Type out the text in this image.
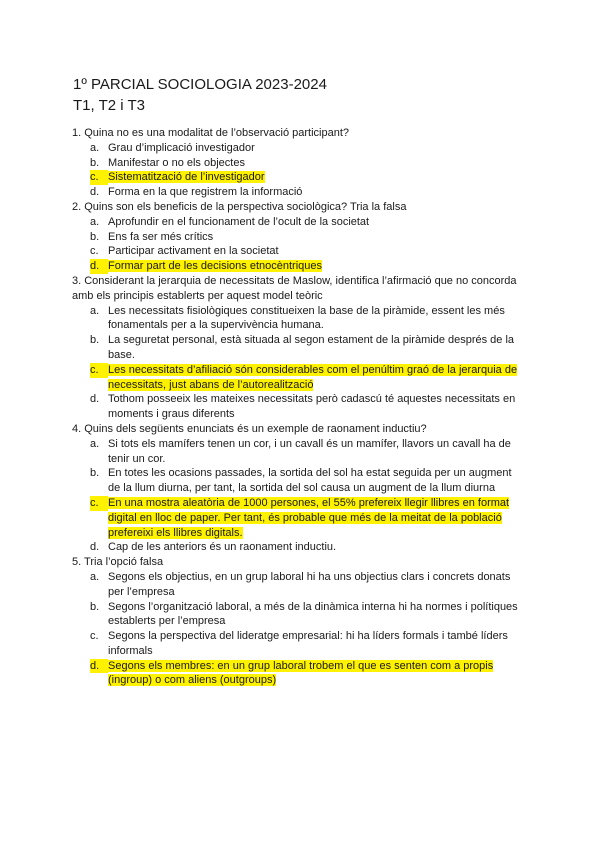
1º PARCIAL SOCIOLOGIA 2023-2024
T1, T2 i T3
1. Quina no es una modalitat de l’observació participant?
a. Grau d’implicació investigador
b. Manifestar o no els objectes
c. Sistematització de l’investigador
d. Forma en la que registrem la informació
2. Quins son els beneficis de la perspectiva sociològica? Tria la falsa
a. Aprofundir en el funcionament de l’ocult de la societat
b. Ens fa ser més crítics
c. Participar activament en la societat
d. Formar part de les decisions etnocèntriques
3. Considerant la jerarquia de necessitats de Maslow, identifica l’afirmació que no concorda amb els principis establerts per aquest model teòric
a. Les necessitats fisiològiques constitueixen la base de la piràmide, essent les més fonamentals per a la supervivència humana.
b. La seguretat personal, està situada al segon estament de la piràmide després de la base.
c. Les necessitats d’afiliació són considerables com el penúltim graó de la jerarquia de necessitats, just abans de l’autorealització
d. Tothom posseeix les mateixes necessitats però cadascú té aquestes necessitats en moments i graus diferents
4. Quins dels següents enunciats és un exemple de raonament inductiu?
a. Si tots els mamífers tenen un cor, i un cavall és un mamífer, llavors un cavall ha de tenir un cor.
b. En totes les ocasions passades, la sortida del sol ha estat seguida per un augment de la llum diurna, per tant, la sortida del sol causa un augment de la llum diurna
c. En una mostra aleatòria de 1000 persones, el 55% prefereix llegir llibres en format digital en lloc de paper. Per tant, és probable que més de la meitat de la població prefereixi els llibres digitals.
d. Cap de les anteriors és un raonament inductiu.
5. Tria l’opció falsa
a. Segons els objectius, en un grup laboral hi ha uns objectius clars i concrets donats per l’empresa
b. Segons l’organització laboral, a més de la dinàmica interna hi ha normes i polítiques establerts per l’empresa
c. Segons la perspectiva del lideratge empresarial: hi ha líders formals i també líders informals
d. Segons els membres: en un grup laboral trobem el que es senten com a propis (ingroup) o com aliens (outgroups)
